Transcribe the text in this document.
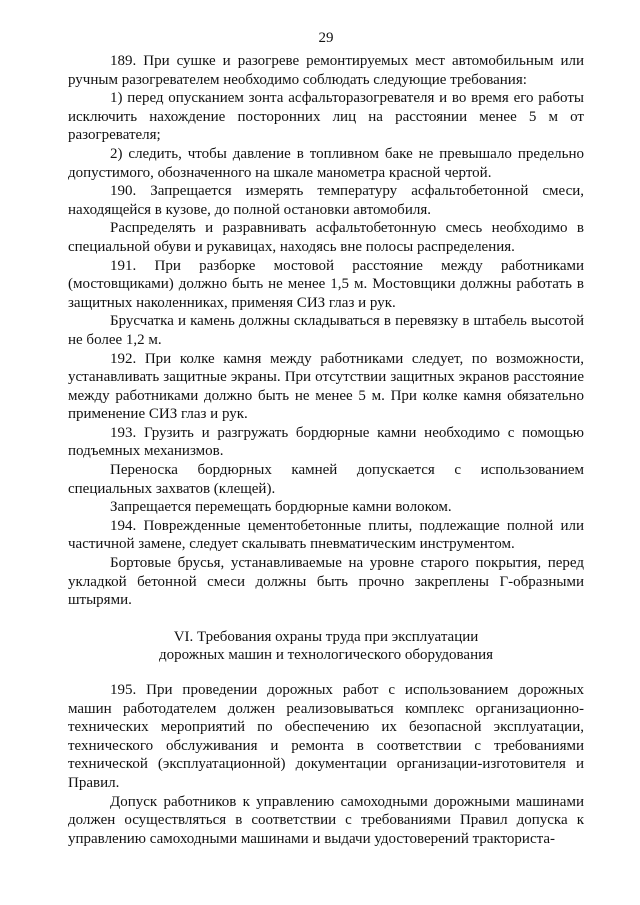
29

189. При сушке и разогреве ремонтируемых мест автомобильным или ручным разогревателем необходимо соблюдать следующие требования:

1) перед опусканием зонта асфальторазогревателя и во время его работы исключить нахождение посторонних лиц на расстоянии менее 5 м от разогревателя;

2) следить, чтобы давление в топливном баке не превышало предельно допустимого, обозначенного на шкале манометра красной чертой.

190. Запрещается измерять температуру асфальтобетонной смеси, находящейся в кузове, до полной остановки автомобиля.

Распределять и разравнивать асфальтобетонную смесь необходимо в специальной обуви и рукавицах, находясь вне полосы распределения.

191. При разборке мостовой расстояние между работниками (мостовщиками) должно быть не менее 1,5 м. Мостовщики должны работать в защитных наколенниках, применяя СИЗ глаз и рук.

Брусчатка и камень должны складываться в перевязку в штабель высотой не более 1,2 м.

192. При колке камня между работниками следует, по возможности, устанавливать защитные экраны. При отсутствии защитных экранов расстояние между работниками должно быть не менее 5 м. При колке камня обязательно применение СИЗ глаз и рук.

193. Грузить и разгружать бордюрные камни необходимо с помощью подъемных механизмов.

Переноска бордюрных камней допускается с использованием специальных захватов (клещей).

Запрещается перемещать бордюрные камни волоком.

194. Поврежденные цементобетонные плиты, подлежащие полной или частичной замене, следует скалывать пневматическим инструментом.

Бортовые брусья, устанавливаемые на уровне старого покрытия, перед укладкой бетонной смеси должны быть прочно закреплены Г-образными штырями.

VI. Требования охраны труда при эксплуатации
дорожных машин и технологического оборудования

195. При проведении дорожных работ с использованием дорожных машин работодателем должен реализовываться комплекс организационно-технических мероприятий по обеспечению их безопасной эксплуатации, технического обслуживания и ремонта в соответствии с требованиями технической (эксплуатационной) документации организации-изготовителя и Правил.

Допуск работников к управлению самоходными дорожными машинами должен осуществляться в соответствии с требованиями Правил допуска к управлению самоходными машинами и выдачи удостоверений тракториста-
